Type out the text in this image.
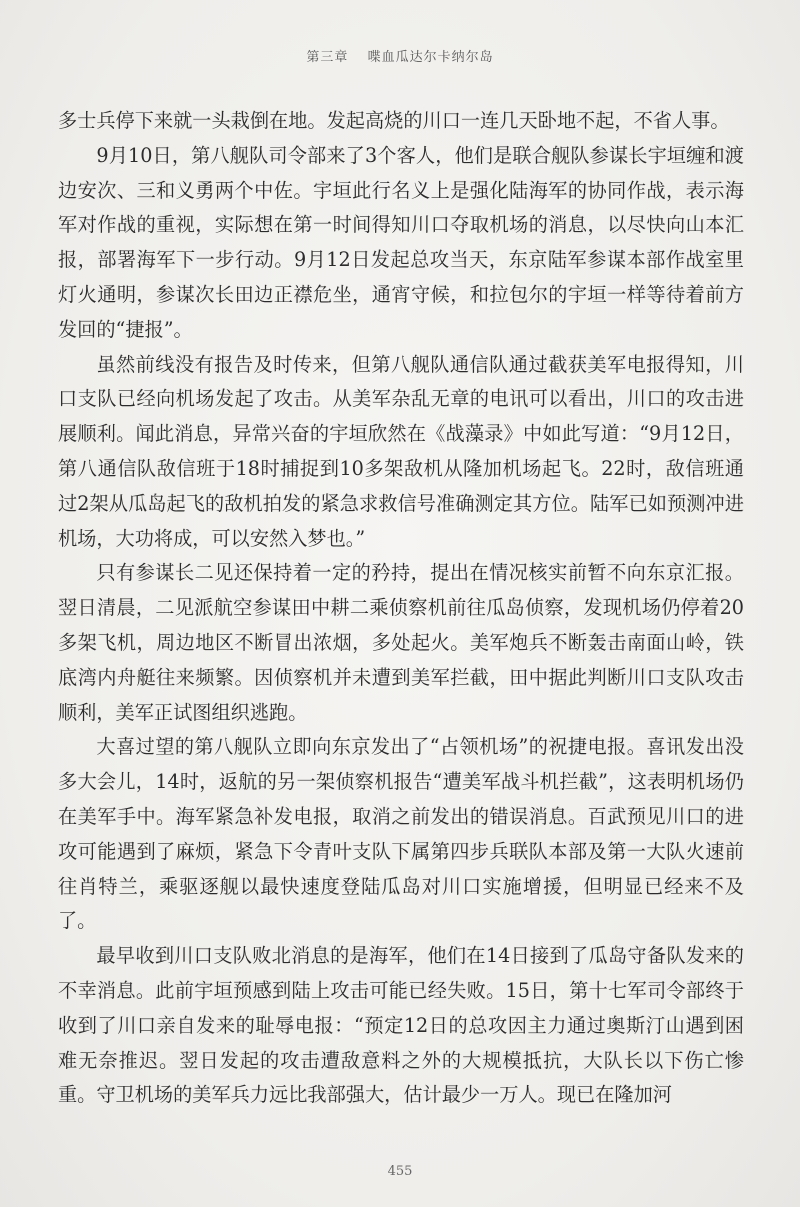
第三章 喋血瓜达尔卡纳尔岛

多士兵停下来就一头栽倒在地。发起高烧的川口一连几天卧地不起，不省人事。

9月10日，第八舰队司令部来了3个客人，他们是联合舰队参谋长宇垣缠和渡边安次、三和义勇两个中佐。宇垣此行名义上是强化陆海军的协同作战，表示海军对作战的重视，实际想在第一时间得知川口夺取机场的消息，以尽快向山本汇报，部署海军下一步行动。9月12日发起总攻当天，东京陆军参谋本部作战室里灯火通明，参谋次长田边正襟危坐，通宵守候，和拉包尔的宇垣一样等待着前方发回的“捷报”。

虽然前线没有报告及时传来，但第八舰队通信队通过截获美军电报得知，川口支队已经向机场发起了攻击。从美军杂乱无章的电讯可以看出，川口的攻击进展顺利。闻此消息，异常兴奋的宇垣欣然在《战藻录》中如此写道：“9月12日，第八通信队敌信班于18时捕捉到10多架敌机从隆加机场起飞。22时，敌信班通过2架从瓜岛起飞的敌机拍发的紧急求救信号准确测定其方位。陆军已如预测冲进机场，大功将成，可以安然入梦也。”

只有参谋长二见还保持着一定的矜持，提出在情况核实前暂不向东京汇报。翌日清晨，二见派航空参谋田中耕二乘侦察机前往瓜岛侦察，发现机场仍停着20多架飞机，周边地区不断冒出浓烟，多处起火。美军炮兵不断轰击南面山岭，铁底湾内舟艇往来频繁。因侦察机并未遭到美军拦截，田中据此判断川口支队攻击顺利，美军正试图组织逃跑。

大喜过望的第八舰队立即向东京发出了“占领机场”的祝捷电报。喜讯发出没多大会儿，14时，返航的另一架侦察机报告“遭美军战斗机拦截”，这表明机场仍在美军手中。海军紧急补发电报，取消之前发出的错误消息。百武预见川口的进攻可能遇到了麻烦，紧急下令青叶支队下属第四步兵联队本部及第一大队火速前往肖特兰，乘驱逐舰以最快速度登陆瓜岛对川口实施增援，但明显已经来不及了。

最早收到川口支队败北消息的是海军，他们在14日接到了瓜岛守备队发来的不幸消息。此前宇垣预感到陆上攻击可能已经失败。15日，第十七军司令部终于收到了川口亲自发来的耻辱电报：“预定12日的总攻因主力通过奥斯汀山遇到困难无奈推迟。翌日发起的攻击遭敌意料之外的大规模抵抗，大队长以下伤亡惨重。守卫机场的美军兵力远比我部强大，估计最少一万人。现已在隆加河

455
